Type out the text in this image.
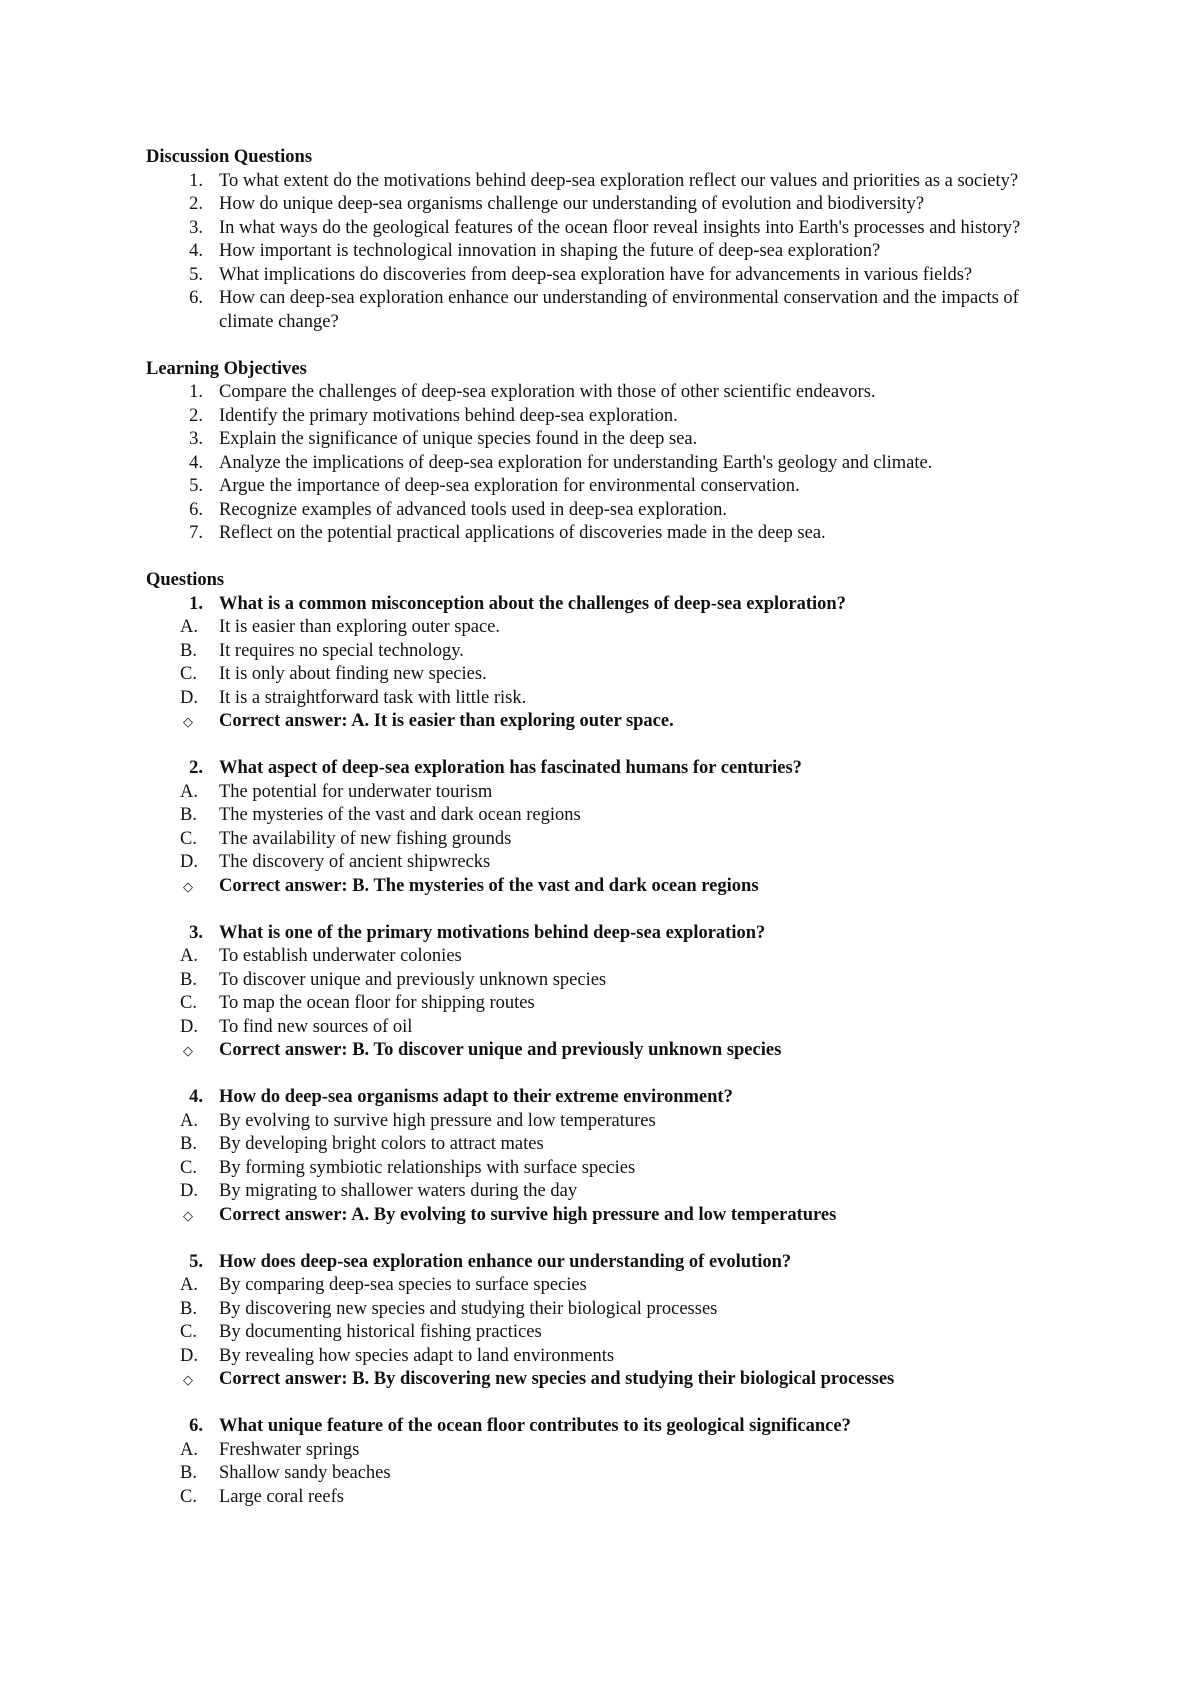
Discussion Questions

1. To what extent do the motivations behind deep-sea exploration reflect our values and priorities as a society?
2. How do unique deep-sea organisms challenge our understanding of evolution and biodiversity?
3. In what ways do the geological features of the ocean floor reveal insights into Earth's processes and history?
4. How important is technological innovation in shaping the future of deep-sea exploration?
5. What implications do discoveries from deep-sea exploration have for advancements in various fields?
6. How can deep-sea exploration enhance our understanding of environmental conservation and the impacts of climate change?

Learning Objectives

1. Compare the challenges of deep-sea exploration with those of other scientific endeavors.
2. Identify the primary motivations behind deep-sea exploration.
3. Explain the significance of unique species found in the deep sea.
4. Analyze the implications of deep-sea exploration for understanding Earth's geology and climate.
5. Argue the importance of deep-sea exploration for environmental conservation.
6. Recognize examples of advanced tools used in deep-sea exploration.
7. Reflect on the potential practical applications of discoveries made in the deep sea.

Questions

1. What is a common misconception about the challenges of deep-sea exploration?
A.	It is easier than exploring outer space.
B.	It requires no special technology.
C.	It is only about finding new species.
D.	It is a straightforward task with little risk.
◇ Correct answer: A. It is easier than exploring outer space.
2. What aspect of deep-sea exploration has fascinated humans for centuries?
A.	The potential for underwater tourism
B.	The mysteries of the vast and dark ocean regions
C.	The availability of new fishing grounds
D.	The discovery of ancient shipwrecks
◇ Correct answer: B. The mysteries of the vast and dark ocean regions
3. What is one of the primary motivations behind deep-sea exploration?
A.	To establish underwater colonies
B.	To discover unique and previously unknown species
C.	To map the ocean floor for shipping routes
D.	To find new sources of oil
◇ Correct answer: B. To discover unique and previously unknown species
4. How do deep-sea organisms adapt to their extreme environment?
A.	By evolving to survive high pressure and low temperatures
B.	By developing bright colors to attract mates
C.	By forming symbiotic relationships with surface species
D.	By migrating to shallower waters during the day
◇ Correct answer: A. By evolving to survive high pressure and low temperatures
5. How does deep-sea exploration enhance our understanding of evolution?
A.	By comparing deep-sea species to surface species
B.	By discovering new species and studying their biological processes
C.	By documenting historical fishing practices
D.	By revealing how species adapt to land environments
◇ Correct answer: B. By discovering new species and studying their biological processes
6. What unique feature of the ocean floor contributes to its geological significance?
A.	Freshwater springs
B.	Shallow sandy beaches
C.	Large coral reefs
